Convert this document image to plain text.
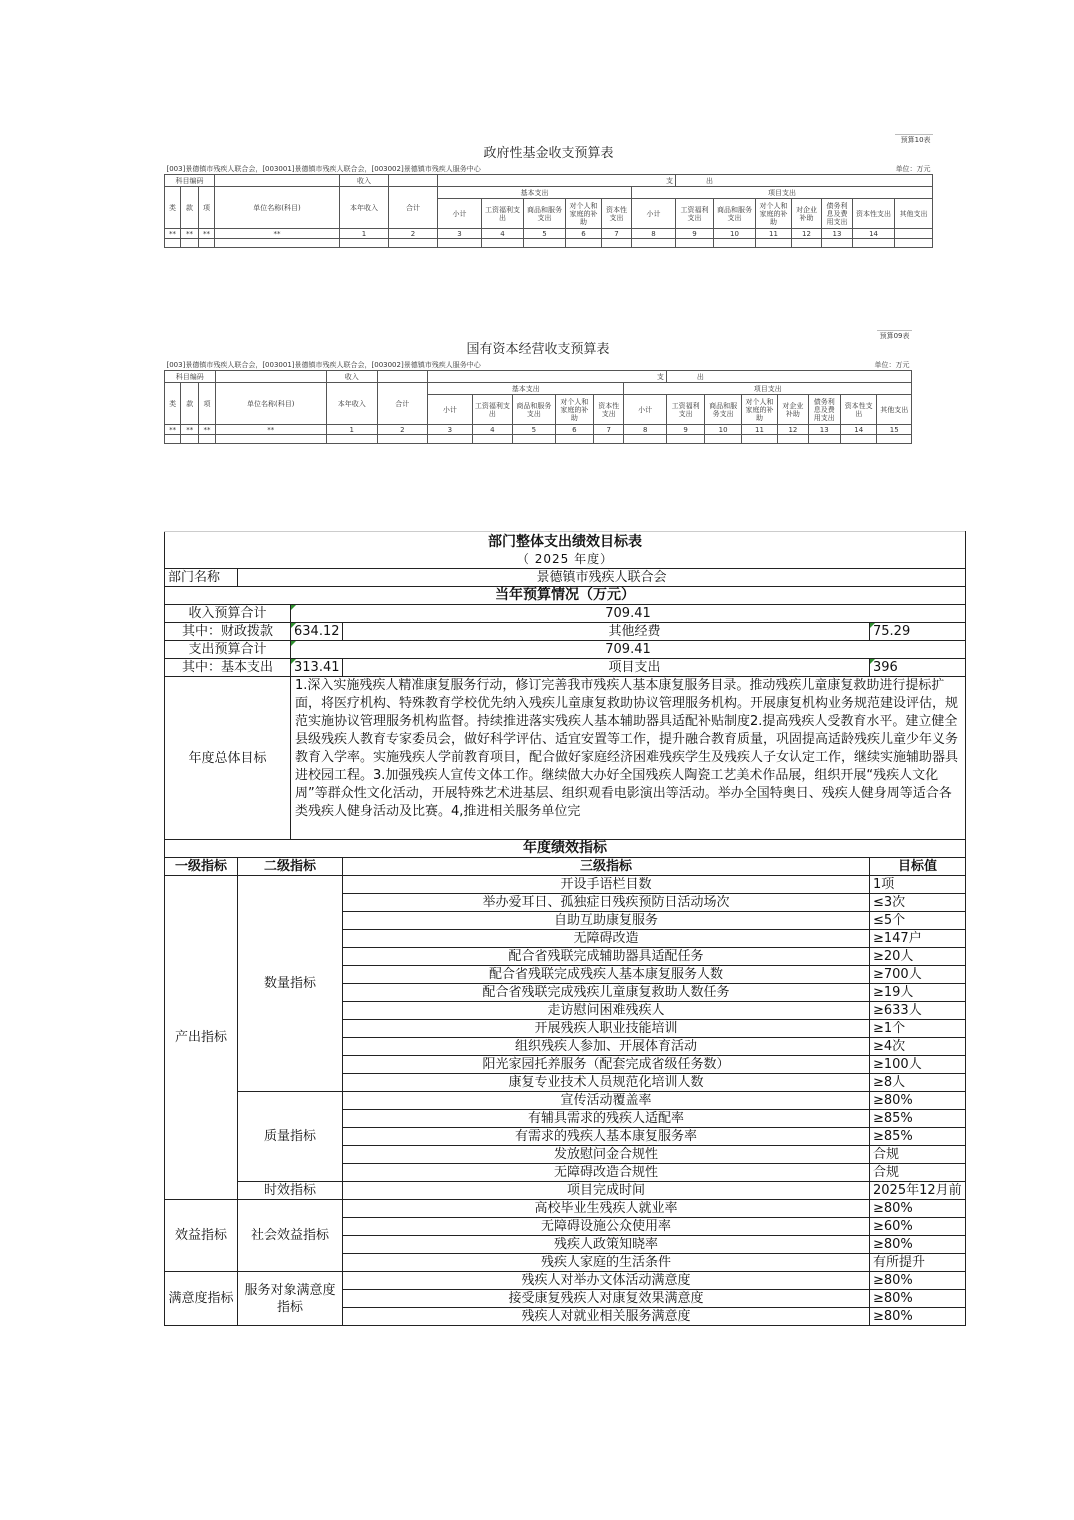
																		预算10表
政府性基金收支预算表																		
[003]景德镇市残疾人联合会，[003001]景德镇市残疾人联合会，[003002]景德镇市残疾人服务中心															单位：万元			
科目编码				收入		支						出						
类	款	项	单位名称(科目)	本年收入	合计	基本支出					项目支出							
						小计	工资福利支出	商品和服务支出	对个人和家庭的补助	资本性支出	小计	工资福利支出	商品和服务支出	对个人和家庭的补助	对企业补助	债务利息及费用支出	资本性支出	其他支出
**	**	**	**	1	2	3	4	5	6	7	8	9	10	11	12	13	14	

																		预算09表
国有资本经营收支预算表																		
[003]景德镇市残疾人联合会，[003001]景德镇市残疾人联合会，[003002]景德镇市残疾人服务中心															单位：万元			
科目编码				收入		支						出						
类	款	项	单位名称(科目)	本年收入	合计	基本支出					项目支出							
						小计	工资福利支出	商品和服务支出	对个人和家庭的补助	资本性支出	小计	工资福利支出	商品和服务支出	对个人和家庭的补助	对企业补助	债务利息及费用支出	资本性支出	其他支出
**	**	**	**	1	2	3	4	5	6	7	8	9	10	11	12	13	14	15

部门整体支出绩效目标表				
（ 2025 年度）				
部门名称	景德镇市残疾人联合会			
当年预算情况（万元）				
收入预算合计		709.41		
其中：财政拨款		634.12	其他经费	75.29
支出预算合计		709.41		
其中：基本支出		313.41	项目支出	396
年度总体目标		1.深入实施残疾人精准康复服务行动，修订完善我市残疾人基本康复服务目录。推动残疾儿童康复救助进行提标扩面，将医疗机构、特殊教育学校优先纳入残疾儿童康复救助协议管理服务机构。开展康复机构业务规范建设评估，规范实施协议管理服务机构监督。持续推进落实残疾人基本辅助器具适配补贴制度2.提高残疾人受教育水平。建立健全县级残疾人教育专家委员会，做好科学评估、适宜安置等工作，提升融合教育质量，巩固提高适龄残疾儿童少年义务教育入学率。实施残疾人学前教育项目，配合做好家庭经济困难残疾学生及残疾人子女认定工作，继续实施辅助器具进校园工程。3.加强残疾人宣传文体工作。继续做大办好全国残疾人陶瓷工艺美术作品展，组织开展“残疾人文化周”等群众性文化活动，开展特殊艺术进基层、组织观看电影演出等活动。举办全国特奥日、残疾人健身周等适合各类残疾人健身活动及比赛。4,推进相关服务单位完		
年度绩效指标				
一级指标	二级指标		三级指标	目标值
产出指标	数量指标		开设手语栏目数	1项
			举办爱耳日、孤独症日残疾预防日活动场次	≤3次
			自助互助康复服务	≤5个
			无障碍改造	≥147户
			配合省残联完成辅助器具适配任务	≥20人
			配合省残联完成残疾人基本康复服务人数	≥700人
			配合省残联完成残疾儿童康复救助人数任务	≥19人
			走访慰问困难残疾人	≥633人
			开展残疾人职业技能培训	≥1个
			组织残疾人参加、开展体育活动	≥4次
			阳光家园托养服务（配套完成省级任务数）	≥100人
			康复专业技术人员规范化培训人数	≥8人
	质量指标		宣传活动覆盖率	≥80%
			有辅具需求的残疾人适配率	≥85%
			有需求的残疾人基本康复服务率	≥85%
			发放慰问金合规性	合规
			无障碍改造合规性	合规
	时效指标		项目完成时间	2025年12月前
效益指标	社会效益指标		高校毕业生残疾人就业率	≥80%
			无障碍设施公众使用率	≥60%
			残疾人政策知晓率	≥80%
			残疾人家庭的生活条件	有所提升
满意度指标	服务对象满意度指标		残疾人对举办文体活动满意度	≥80%
			接受康复残疾人对康复效果满意度	≥80%
			残疾人对就业相关服务满意度	≥80%
